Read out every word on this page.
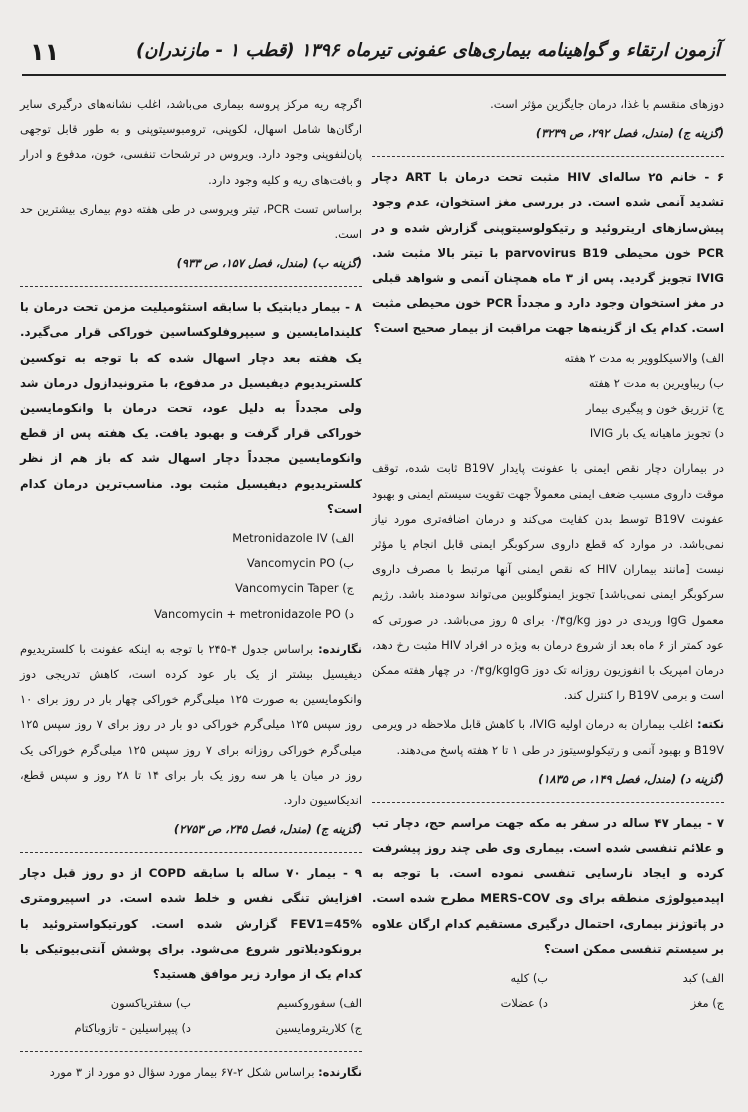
۱۱	آزمون ارتقاء و گواهینامه بیماری‌های عفونی تیرماه ۱۳۹۶ (قطب ۱ - مازندران)

دوزهای منقسم با غذا، درمان جایگزین مؤثر است.

(گزینه ج) (مندل، فصل ۲۹۲، ص ۳۲۳۹)

۶ - خانم ۲۵ ساله‌ای HIV مثبت تحت درمان با ART دچار تشدید آنمی شده است. در بررسی مغز استخوان، عدم وجود پیش‌سازهای اریتروئید و رتیکولوسیتوپنی گزارش شده و در PCR خون محیطی parvovirus B19 با تیتر بالا مثبت شد. IVIG تجویز گردید. پس از ۳ ماه همچنان آنمی و شواهد قبلی در مغز استخوان وجود دارد و مجدداً PCR خون محیطی مثبت است. کدام یک از گزینه‌ها جهت مراقبت از بیمار صحیح است؟

الف) والاسیکلوویر به مدت ۲ هفته

ب) ریباویرین به مدت ۲ هفته

ج) تزریق خون و پیگیری بیمار

د) تجویز ماهیانه یک بار IVIG

در بیماران دچار نقص ایمنی با عفونت پایدار B19V ثابت شده، توقف موقت داروی مسبب ضعف ایمنی معمولاً جهت تقویت سیستم ایمنی و بهبود عفونت B19V توسط بدن کفایت می‌کند و درمان اضافه‌تری مورد نیاز نمی‌باشد. در موارد که قطع داروی سرکوبگر ایمنی قابل انجام یا مؤثر نیست [مانند بیماران HIV که نقص ایمنی آنها مرتبط با مصرف داروی سرکوبگر ایمنی نمی‌باشد] تجویز ایمنوگلوبین می‌تواند سودمند باشد. رژیم معمول IgG وریدی در دوز ۰/۴g/kg برای ۵ روز می‌باشد. در صورتی که عود کمتر از ۶ ماه بعد از شروع درمان به ویژه در افراد HIV مثبت رخ دهد، درمان امپریک با انفوزیون روزانه تک دوز ۰/۴g/kgIgG در چهار هفته ممکن است و برمی B19V را کنترل کند.

نکته: اغلب بیماران به درمان اولیه IVIG، با کاهش قابل ملاحظه در ویرمی B19V و بهبود آنمی و رتیکولوسیتوز در طی ۱ تا ۲ هفته پاسخ می‌دهند.

(گزینه د) (مندل، فصل ۱۴۹، ص ۱۸۳۵)

۷ - بیمار ۴۷ ساله در سفر به مکه جهت مراسم حج، دچار تب و علائم تنفسی شده است. بیماری وی طی چند روز پیشرفت کرده و ایجاد نارسایی تنفسی نموده است. با توجه به اپیدمیولوژی منطقه برای وی MERS-COV مطرح شده است. در پاتوژنز بیماری، احتمال درگیری مستقیم کدام ارگان علاوه بر سیستم تنفسی ممکن است؟

الف) کبد
ب) کلیه
ج) مغز
د) عضلات

اگرچه ریه مرکز پروسه بیماری می‌باشد، اغلب نشانه‌های درگیری سایر ارگان‌ها شامل اسهال، لکوپنی، ترومبوسیتوپنی و به طور قابل توجهی پان‌لنفوپنی وجود دارد. ویروس در ترشحات تنفسی، خون، مدفوع و ادرار و بافت‌های ریه و کلیه وجود دارد.

براساس تست PCR، تیتر ویروسی در طی هفته دوم بیماری بیشترین حد است.

(گزینه ب) (مندل، فصل ۱۵۷، ص ۹۳۳)

۸ - بیمار دیابتیک با سابقه استئومیلیت مزمن تحت درمان با کلیندامایسین و سیپروفلوکساسین خوراکی قرار می‌گیرد. یک هفته بعد دچار اسهال شده که با توجه به توکسین کلستریدیوم دیفیسیل در مدفوع، با مترونیدازول درمان شد ولی مجدداً به دلیل عود، تحت درمان با وانکومایسین خوراکی قرار گرفت و بهبود یافت. یک هفته پس از قطع وانکومایسین مجدداً دچار اسهال شد که باز هم از نظر کلستریدیوم دیفیسیل مثبت بود. مناسب‌ترین درمان کدام است؟

Metronidazole IV (الف

Vancomycin PO (ب

Vancomycin Taper (ج

Vancomycin + metronidazole PO (د

نگارنده: براساس جدول ۴-۲۴۵ با توجه به اینکه عفونت با کلستریدیوم دیفیسیل بیشتر از یک بار عود کرده است، کاهش تدریجی دوز وانکومایسین به صورت ۱۲۵ میلی‌گرم خوراکی چهار بار در روز برای ۱۰ روز سپس ۱۲۵ میلی‌گرم خوراکی دو بار در روز برای ۷ روز سپس ۱۲۵ میلی‌گرم خوراکی روزانه برای ۷ روز سپس ۱۲۵ میلی‌گرم خوراکی یک روز در میان یا هر سه روز یک بار برای ۱۴ تا ۲۸ روز و سپس قطع، اندیکاسیون دارد.

(گزینه ج) (مندل، فصل ۲۴۵، ص ۲۷۵۳)

۹ - بیمار ۷۰ ساله با سابقه COPD از دو روز قبل دچار افزایش تنگی نفس و خلط شده است. در اسپیرومتری FEV1=45% گزارش شده است. کورتیکواستروئید با برونکودیلاتور شروع می‌شود. برای پوشش آنتی‌بیوتیکی با کدام یک از موارد زیر موافق هستید؟

الف) سفوروکسیم
ب) سفتریاکسون
ج) کلاریترومایسین
د) پیپراسیلین - تازوباکتام

نگارنده: براساس شکل ۲-۶۷ بیمار مورد سؤال دو مورد از ۳ مورد
